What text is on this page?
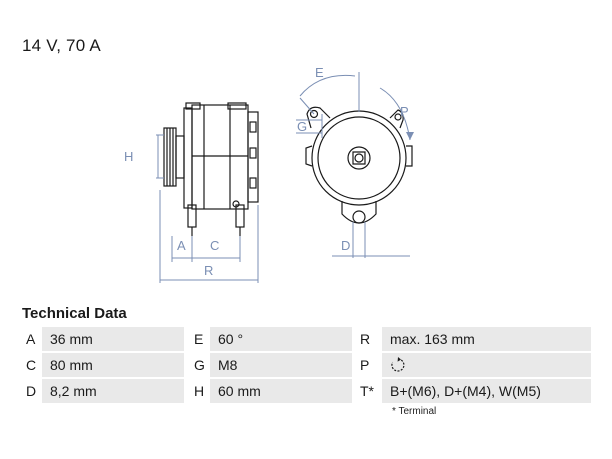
14 V, 70 A
H
A C
R
E
P
G
D
Technical Data
A	36 mm	E	60 °	R	max. 163 mm
C 80 mm	G M8	P
D 8,2 mm	H 60 mm	T*	B+(M6), D+(M4), W(M5)
* Terminal
